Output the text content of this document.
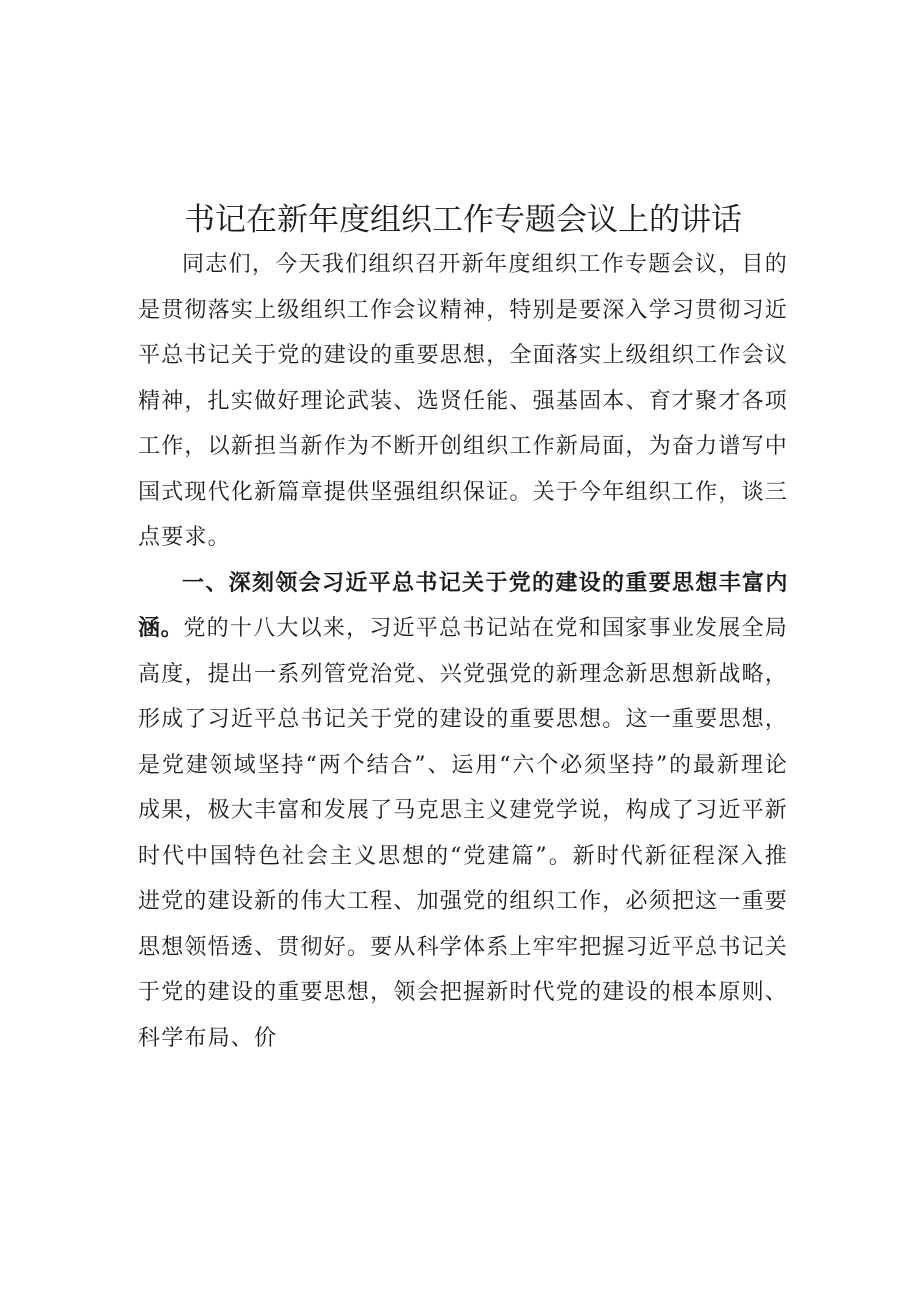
书记在新年度组织工作专题会议上的讲话

同志们，今天我们组织召开新年度组织工作专题会议，目的是贯彻落实上级组织工作会议精神，特别是要深入学习贯彻习近平总书记关于党的建设的重要思想，全面落实上级组织工作会议精神，扎实做好理论武装、选贤任能、强基固本、育才聚才各项工作，以新担当新作为不断开创组织工作新局面，为奋力谱写中国式现代化新篇章提供坚强组织保证。关于今年组织工作，谈三点要求。

一、深刻领会习近平总书记关于党的建设的重要思想丰富内涵。党的十八大以来，习近平总书记站在党和国家事业发展全局高度，提出一系列管党治党、兴党强党的新理念新思想新战略，形成了习近平总书记关于党的建设的重要思想。这一重要思想，是党建领域坚持“两个结合”、运用“六个必须坚持”的最新理论成果，极大丰富和发展了马克思主义建党学说，构成了习近平新时代中国特色社会主义思想的“党建篇”。新时代新征程深入推进党的建设新的伟大工程、加强党的组织工作，必须把这一重要思想领悟透、贯彻好。要从科学体系上牢牢把握习近平总书记关于党的建设的重要思想，领会把握新时代党的建设的根本原则、科学布局、价
